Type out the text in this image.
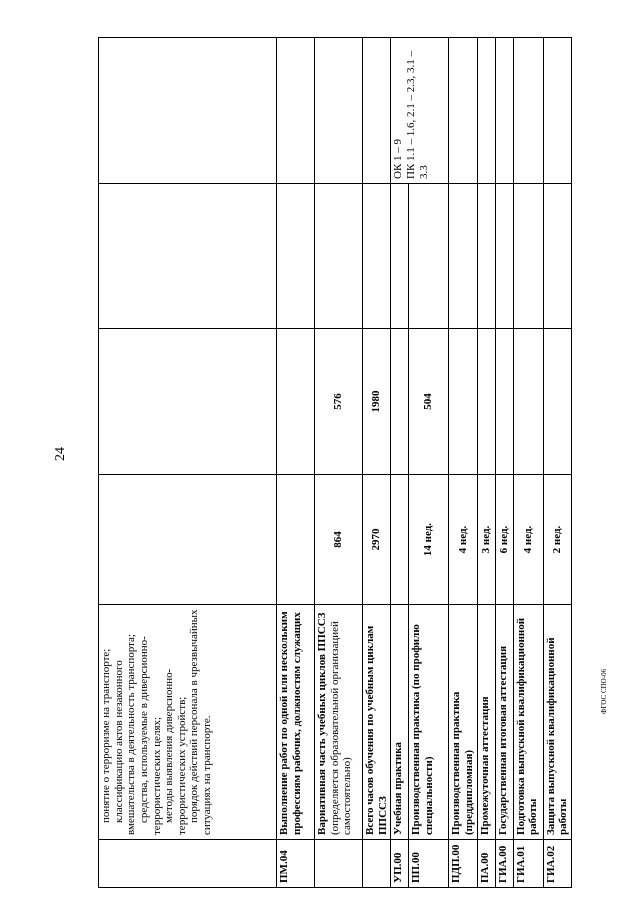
24

	понятие о терроризме на транспорте; классификацию актов незаконного вмешательства в деятельность транспорта; средства, используемые в диверсионно-террористических целях; методы выявления диверсионно-террористических устройств; порядок действий персонала в чрезвычайных ситуациях на транспорте.				

ПМ.04	Выполнение работ по одной или нескольким профессиям рабочих, должностям служащих				
	Вариативная часть учебных циклов ППССЗ (определяется образовательной организацией самостоятельно)	864	576		
	Всего часов обучения по учебным циклам ППССЗ	2970	1980		
УП.00	Учебная практика				ОК 1 – 9
ПК 1.1 – 1.6, 2.1 – 2.3, 3.1 – 3.3
ПП.00	Производственная практика (по профилю специальности)	14 нед.	504		
ПДП.00	Производственная практика (преддипломная)	4 нед.			
ПА.00	Промежуточная аттестация	3 нед.			
ГИА.00	Государственная итоговая аттестация	6 нед.			
ГИА.01	Подготовка выпускной квалификационной работы	4 нед.			
ГИА.02	Защита выпускной квалификационной работы	2 нед.			
ФГОС СПО-06
